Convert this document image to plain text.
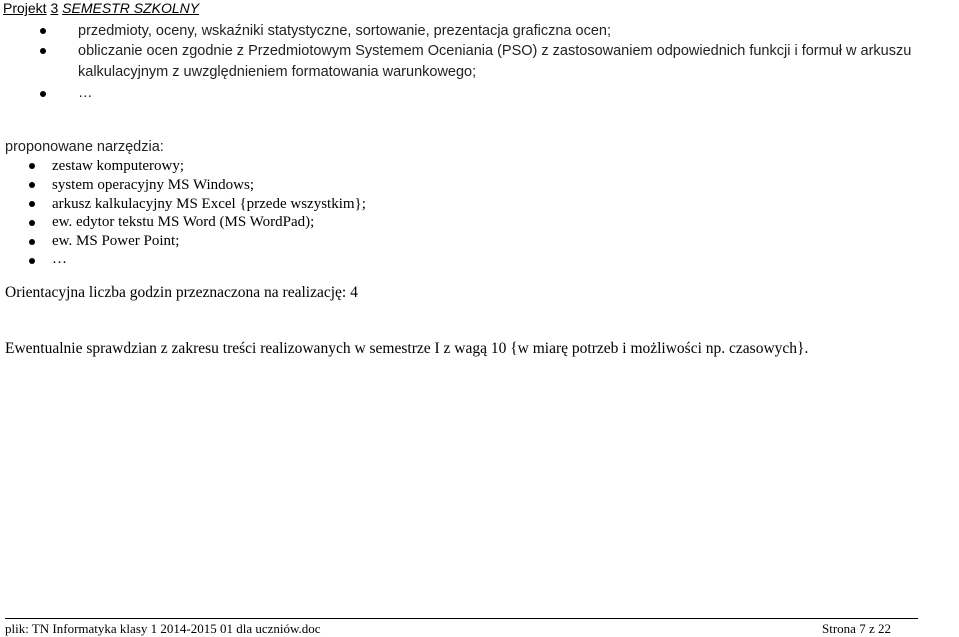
Projekt 3 SEMESTR SZKOLNY
przedmioty, oceny, wskaźniki statystyczne, sortowanie, prezentacja graficzna ocen;
obliczanie ocen zgodnie z Przedmiotowym Systemem Oceniania (PSO) z zastosowaniem odpowiednich funkcji i formuł w arkuszu
kalkulacyjnym z uwzględnieniem formatowania warunkowego;
…
proponowane narzędzia:
zestaw komputerowy;
system operacyjny MS Windows;
arkusz kalkulacyjny MS Excel {przede wszystkim};
ew. edytor tekstu MS Word (MS WordPad);
ew. MS Power Point;
…
Orientacyjna liczba godzin przeznaczona na realizację: 4
Ewentualnie sprawdzian z zakresu treści realizowanych w semestrze I z wagą 10 {w miarę potrzeb i możliwości np. czasowych}.
plik: TN Informatyka klasy 1 2014-2015 01 dla uczniów.doc	Strona 7 z 22
